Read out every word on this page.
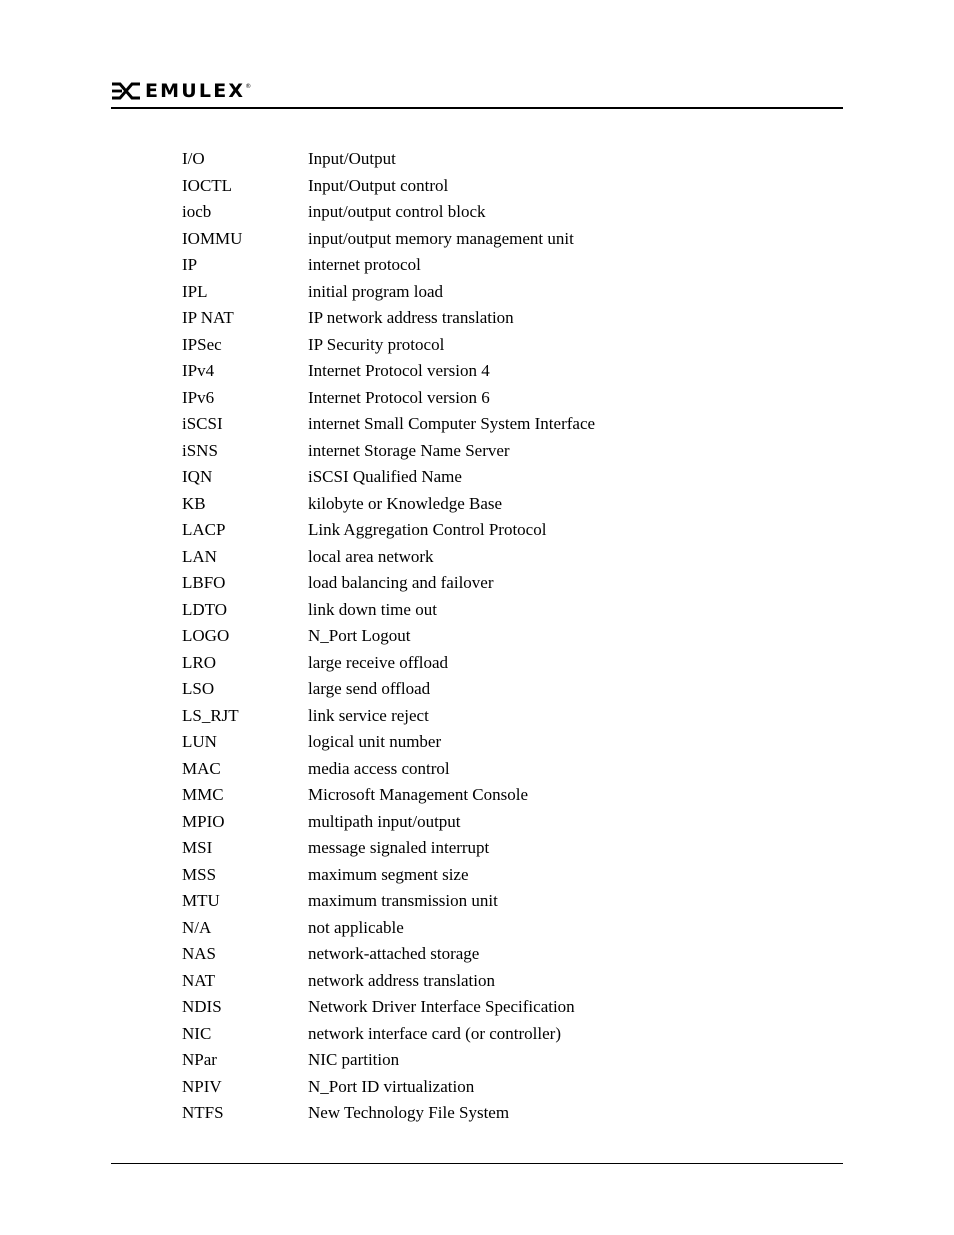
EMULEX ®
I/O	Input/Output
IOCTL	Input/Output control
iocb	input/output control block
IOMMU	input/output memory management unit
IP	internet protocol
IPL	initial program load
IP NAT	IP network address translation
IPSec	IP Security protocol
IPv4	Internet Protocol version 4
IPv6	Internet Protocol version 6
iSCSI	internet Small Computer System Interface
iSNS	internet Storage Name Server
IQN	iSCSI Qualified Name
KB	kilobyte or Knowledge Base
LACP	Link Aggregation Control Protocol
LAN	local area network
LBFO	load balancing and failover
LDTO	link down time out
LOGO	N_Port Logout
LRO	large receive offload
LSO	large send offload
LS_RJT	link service reject
LUN	logical unit number
MAC	media access control
MMC	Microsoft Management Console
MPIO	multipath input/output
MSI	message signaled interrupt
MSS	maximum segment size
MTU	maximum transmission unit
N/A	not applicable
NAS	network-attached storage
NAT	network address translation
NDIS	Network Driver Interface Specification
NIC	network interface card (or controller)
NPar	NIC partition
NPIV	N_Port ID virtualization
NTFS	New Technology File System
